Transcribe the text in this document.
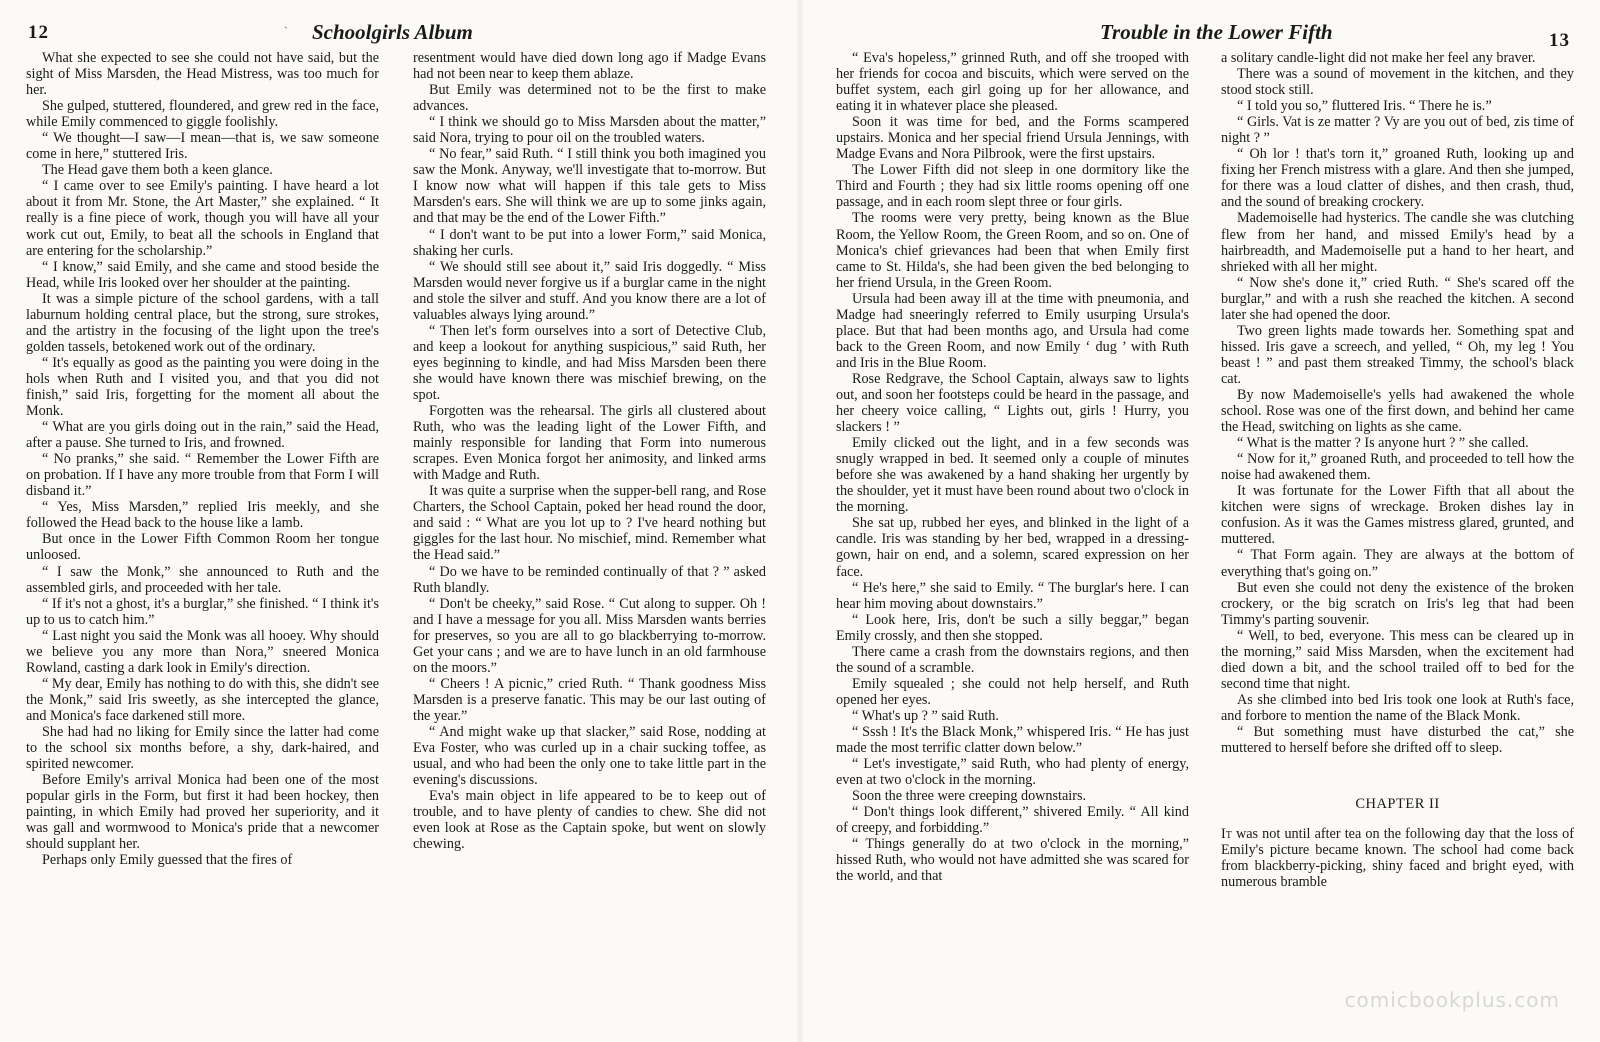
12	` Schoolgirls Album

What she expected to see she could not have said, but the sight of Miss Marsden, the Head Mistress, was too much for her.

She gulped, stuttered, floundered, and grew red in the face, while Emily commenced to giggle foolishly.

“ We thought—I saw—I mean—that is, we saw someone come in here,” stuttered Iris.

The Head gave them both a keen glance.

“ I came over to see Emily's painting. I have heard a lot about it from Mr. Stone, the Art Master,” she explained. “ It really is a fine piece of work, though you will have all your work cut out, Emily, to beat all the schools in England that are entering for the scholarship.”

“ I know,” said Emily, and she came and stood beside the Head, while Iris looked over her shoulder at the painting.

It was a simple picture of the school gardens, with a tall laburnum holding central place, but the strong, sure strokes, and the artistry in the focusing of the light upon the tree's golden tassels, betokened work out of the ordinary.

“ It's equally as good as the painting you were doing in the hols when Ruth and I visited you, and that you did not finish,” said Iris, forgetting for the moment all about the Monk.

“ What are you girls doing out in the rain,” said the Head, after a pause. She turned to Iris, and frowned.

“ No pranks,” she said. “ Remember the Lower Fifth are on probation. If I have any more trouble from that Form I will disband it.”

“ Yes, Miss Marsden,” replied Iris meekly, and she followed the Head back to the house like a lamb.

But once in the Lower Fifth Common Room her tongue unloosed.

“ I saw the Monk,” she announced to Ruth and the assembled girls, and proceeded with her tale.

“ If it's not a ghost, it's a burglar,” she finished. “ I think it's up to us to catch him.”

“ Last night you said the Monk was all hooey. Why should we believe you any more than Nora,” sneered Monica Rowland, casting a dark look in Emily's direction.

“ My dear, Emily has nothing to do with this, she didn't see the Monk,” said Iris sweetly, as she intercepted the glance, and Monica's face darkened still more.

She had had no liking for Emily since the latter had come to the school six months before, a shy, dark-haired, and spirited newcomer.

Before Emily's arrival Monica had been one of the most popular girls in the Form, but first it had been hockey, then painting, in which Emily had proved her superiority, and it was gall and wormwood to Monica's pride that a newcomer should supplant her.

Perhaps only Emily guessed that the fires of

resentment would have died down long ago if Madge Evans had not been near to keep them ablaze.

But Emily was determined not to be the first to make advances.

“ I think we should go to Miss Marsden about the matter,” said Nora, trying to pour oil on the troubled waters.

“ No fear,” said Ruth. “ I still think you both imagined you saw the Monk. Anyway, we'll investigate that to-morrow. But I know now what will happen if this tale gets to Miss Marsden's ears. She will think we are up to some jinks again, and that may be the end of the Lower Fifth.”

“ I don't want to be put into a lower Form,” said Monica, shaking her curls.

“ We should still see about it,” said Iris doggedly. “ Miss Marsden would never forgive us if a burglar came in the night and stole the silver and stuff. And you know there are a lot of valuables always lying around.”

“ Then let's form ourselves into a sort of Detective Club, and keep a lookout for anything suspicious,” said Ruth, her eyes beginning to kindle, and had Miss Marsden been there she would have known there was mischief brewing, on the spot.

Forgotten was the rehearsal. The girls all clustered about Ruth, who was the leading light of the Lower Fifth, and mainly responsible for landing that Form into numerous scrapes. Even Monica forgot her animosity, and linked arms with Madge and Ruth.

It was quite a surprise when the supper-bell rang, and Rose Charters, the School Captain, poked her head round the door, and said : “ What are you lot up to ? I've heard nothing but giggles for the last hour. No mischief, mind. Remember what the Head said.”

“ Do we have to be reminded continually of that ? ” asked Ruth blandly.

“ Don't be cheeky,” said Rose. “ Cut along to supper. Oh ! and I have a message for you all. Miss Marsden wants berries for preserves, so you are all to go blackberrying to-morrow. Get your cans ; and we are to have lunch in an old farmhouse on the moors.”

“ Cheers ! A picnic,” cried Ruth. “ Thank goodness Miss Marsden is a preserve fanatic. This may be our last outing of the year.”

“ And might wake up that slacker,” said Rose, nodding at Eva Foster, who was curled up in a chair sucking toffee, as usual, and who had been the only one to take little part in the evening's discussions.

Eva's main object in life appeared to be to keep out of trouble, and to have plenty of candies to chew. She did not even look at Rose as the Captain spoke, but went on slowly chewing.

Trouble in the Lower Fifth	13

“ Eva's hopeless,” grinned Ruth, and off she trooped with her friends for cocoa and biscuits, which were served on the buffet system, each girl going up for her allowance, and eating it in whatever place she pleased.

Soon it was time for bed, and the Forms scampered upstairs. Monica and her special friend Ursula Jennings, with Madge Evans and Nora Pilbrook, were the first upstairs.

The Lower Fifth did not sleep in one dormitory like the Third and Fourth ; they had six little rooms opening off one passage, and in each room slept three or four girls.

The rooms were very pretty, being known as the Blue Room, the Yellow Room, the Green Room, and so on. One of Monica's chief grievances had been that when Emily first came to St. Hilda's, she had been given the bed belonging to her friend Ursula, in the Green Room.

Ursula had been away ill at the time with pneumonia, and Madge had sneeringly referred to Emily usurping Ursula's place. But that had been months ago, and Ursula had come back to the Green Room, and now Emily ‘ dug ’ with Ruth and Iris in the Blue Room.

Rose Redgrave, the School Captain, always saw to lights out, and soon her footsteps could be heard in the passage, and her cheery voice calling, “ Lights out, girls ! Hurry, you slackers ! ”

Emily clicked out the light, and in a few seconds was snugly wrapped in bed. It seemed only a couple of minutes before she was awakened by a hand shaking her urgently by the shoulder, yet it must have been round about two o'clock in the morning.

She sat up, rubbed her eyes, and blinked in the light of a candle. Iris was standing by her bed, wrapped in a dressing-gown, hair on end, and a solemn, scared expression on her face.

“ He's here,” she said to Emily. “ The burglar's here. I can hear him moving about downstairs.”

“ Look here, Iris, don't be such a silly beggar,” began Emily crossly, and then she stopped.

There came a crash from the downstairs regions, and then the sound of a scramble.

Emily squealed ; she could not help herself, and Ruth opened her eyes.

“ What's up ? ” said Ruth.

“ Sssh ! It's the Black Monk,” whispered Iris. “ He has just made the most terrific clatter down below.”

“ Let's investigate,” said Ruth, who had plenty of energy, even at two o'clock in the morning.

Soon the three were creeping downstairs.

“ Don't things look different,” shivered Emily. “ All kind of creepy, and forbidding.”

“ Things generally do at two o'clock in the morning,” hissed Ruth, who would not have admitted she was scared for the world, and that

a solitary candle-light did not make her feel any braver.

There was a sound of movement in the kitchen, and they stood stock still.

“ I told you so,” fluttered Iris. “ There he is.”

“ Girls. Vat is ze matter ? Vy are you out of bed, zis time of night ? ”

“ Oh lor ! that's torn it,” groaned Ruth, looking up and fixing her French mistress with a glare. And then she jumped, for there was a loud clatter of dishes, and then crash, thud, and the sound of breaking crockery.

Mademoiselle had hysterics. The candle she was clutching flew from her hand, and missed Emily's head by a hairbreadth, and Mademoiselle put a hand to her heart, and shrieked with all her might.

“ Now she's done it,” cried Ruth. “ She's scared off the burglar,” and with a rush she reached the kitchen. A second later she had opened the door.

Two green lights made towards her. Something spat and hissed. Iris gave a screech, and yelled, “ Oh, my leg ! You beast ! ” and past them streaked Timmy, the school's black cat.

By now Mademoiselle's yells had awakened the whole school. Rose was one of the first down, and behind her came the Head, switching on lights as she came.

“ What is the matter ? Is anyone hurt ? ” she called.

“ Now for it,” groaned Ruth, and proceeded to tell how the noise had awakened them.

It was fortunate for the Lower Fifth that all about the kitchen were signs of wreckage. Broken dishes lay in confusion. As it was the Games mistress glared, grunted, and muttered.

“ That Form again. They are always at the bottom of everything that's going on.”

But even she could not deny the existence of the broken crockery, or the big scratch on Iris's leg that had been Timmy's parting souvenir.

“ Well, to bed, everyone. This mess can be cleared up in the morning,” said Miss Marsden, when the excitement had died down a bit, and the school trailed off to bed for the second time that night.

As she climbed into bed Iris took one look at Ruth's face, and forbore to mention the name of the Black Monk.

“ But something must have disturbed the cat,” she muttered to herself before she drifted off to sleep.

CHAPTER II

It was not until after tea on the following day that the loss of Emily's picture became known. The school had come back from blackberry-picking, shiny faced and bright eyed, with numerous bramble

comicbookplus.com
